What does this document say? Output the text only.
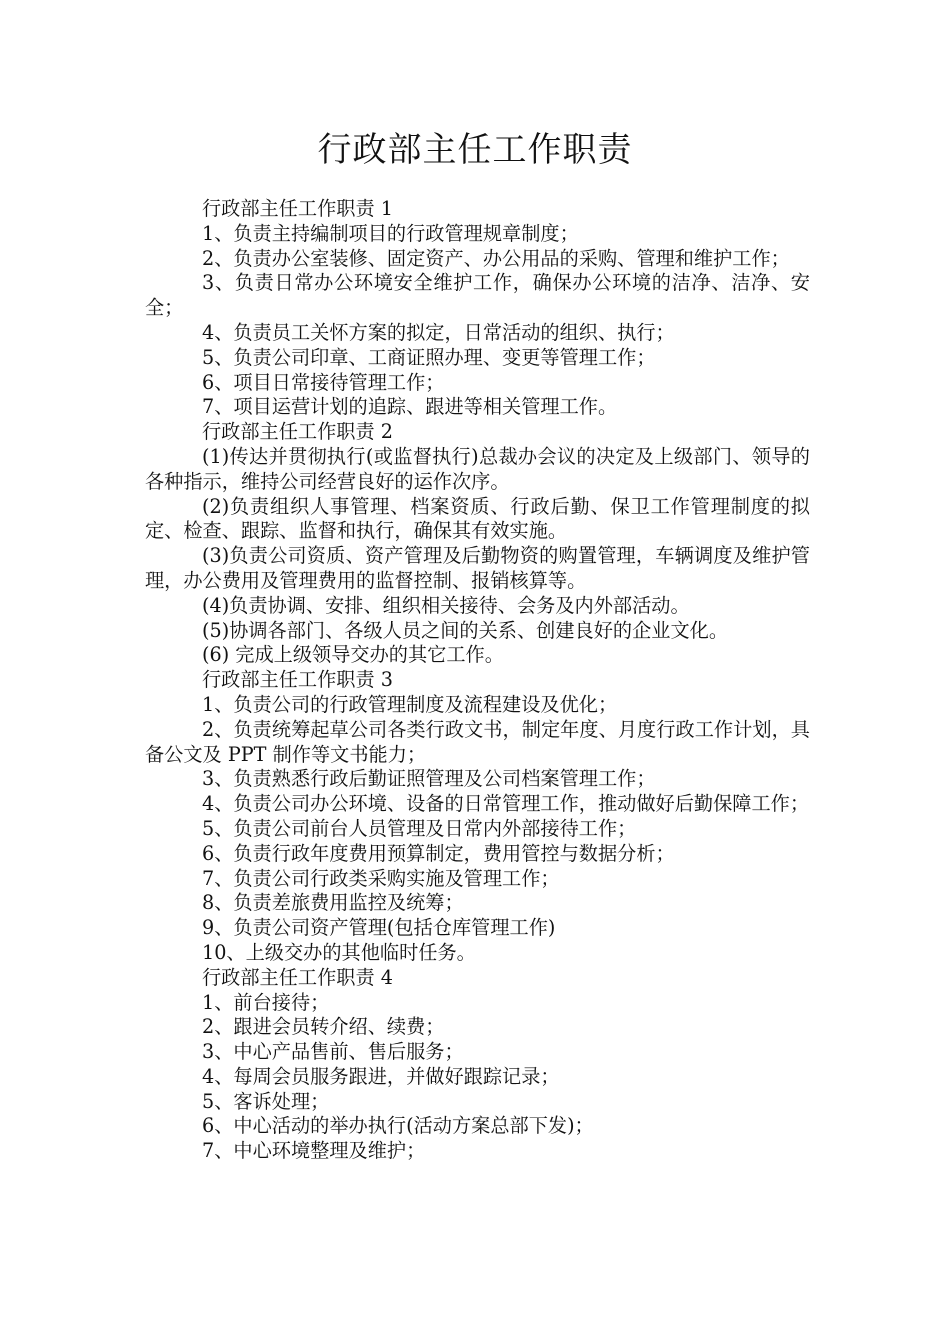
行政部主任工作职责

行政部主任工作职责 1

1、负责主持编制项目的行政管理规章制度；

2、负责办公室装修、固定资产、办公用品的采购、管理和维护工作；

3、负责日常办公环境安全维护工作，确保办公环境的洁净、洁净、安全；

4、负责员工关怀方案的拟定，日常活动的组织、执行；

5、负责公司印章、工商证照办理、变更等管理工作；

6、项目日常接待管理工作；

7、项目运营计划的追踪、跟进等相关管理工作。

行政部主任工作职责 2

(1)传达并贯彻执行(或监督执行)总裁办会议的决定及上级部门、领导的各种指示，维持公司经营良好的运作次序。

(2)负责组织人事管理、档案资质、行政后勤、保卫工作管理制度的拟定、检查、跟踪、监督和执行，确保其有效实施。

(3)负责公司资质、资产管理及后勤物资的购置管理，车辆调度及维护管理，办公费用及管理费用的监督控制、报销核算等。

(4)负责协调、安排、组织相关接待、会务及内外部活动。

(5)协调各部门、各级人员之间的关系、创建良好的企业文化。

(6) 完成上级领导交办的其它工作。

行政部主任工作职责 3

1、负责公司的行政管理制度及流程建设及优化；

2、负责统筹起草公司各类行政文书，制定年度、月度行政工作计划，具备公文及 PPT 制作等文书能力；

3、负责熟悉行政后勤证照管理及公司档案管理工作；

4、负责公司办公环境、设备的日常管理工作，推动做好后勤保障工作；

5、负责公司前台人员管理及日常内外部接待工作；

6、负责行政年度费用预算制定，费用管控与数据分析；

7、负责公司行政类采购实施及管理工作；

8、负责差旅费用监控及统筹；

9、负责公司资产管理(包括仓库管理工作)

10、上级交办的其他临时任务。

行政部主任工作职责 4

1、前台接待；

2、跟进会员转介绍、续费；

3、中心产品售前、售后服务；

4、每周会员服务跟进，并做好跟踪记录；

5、客诉处理；

6、中心活动的举办执行(活动方案总部下发)；

7、中心环境整理及维护；
